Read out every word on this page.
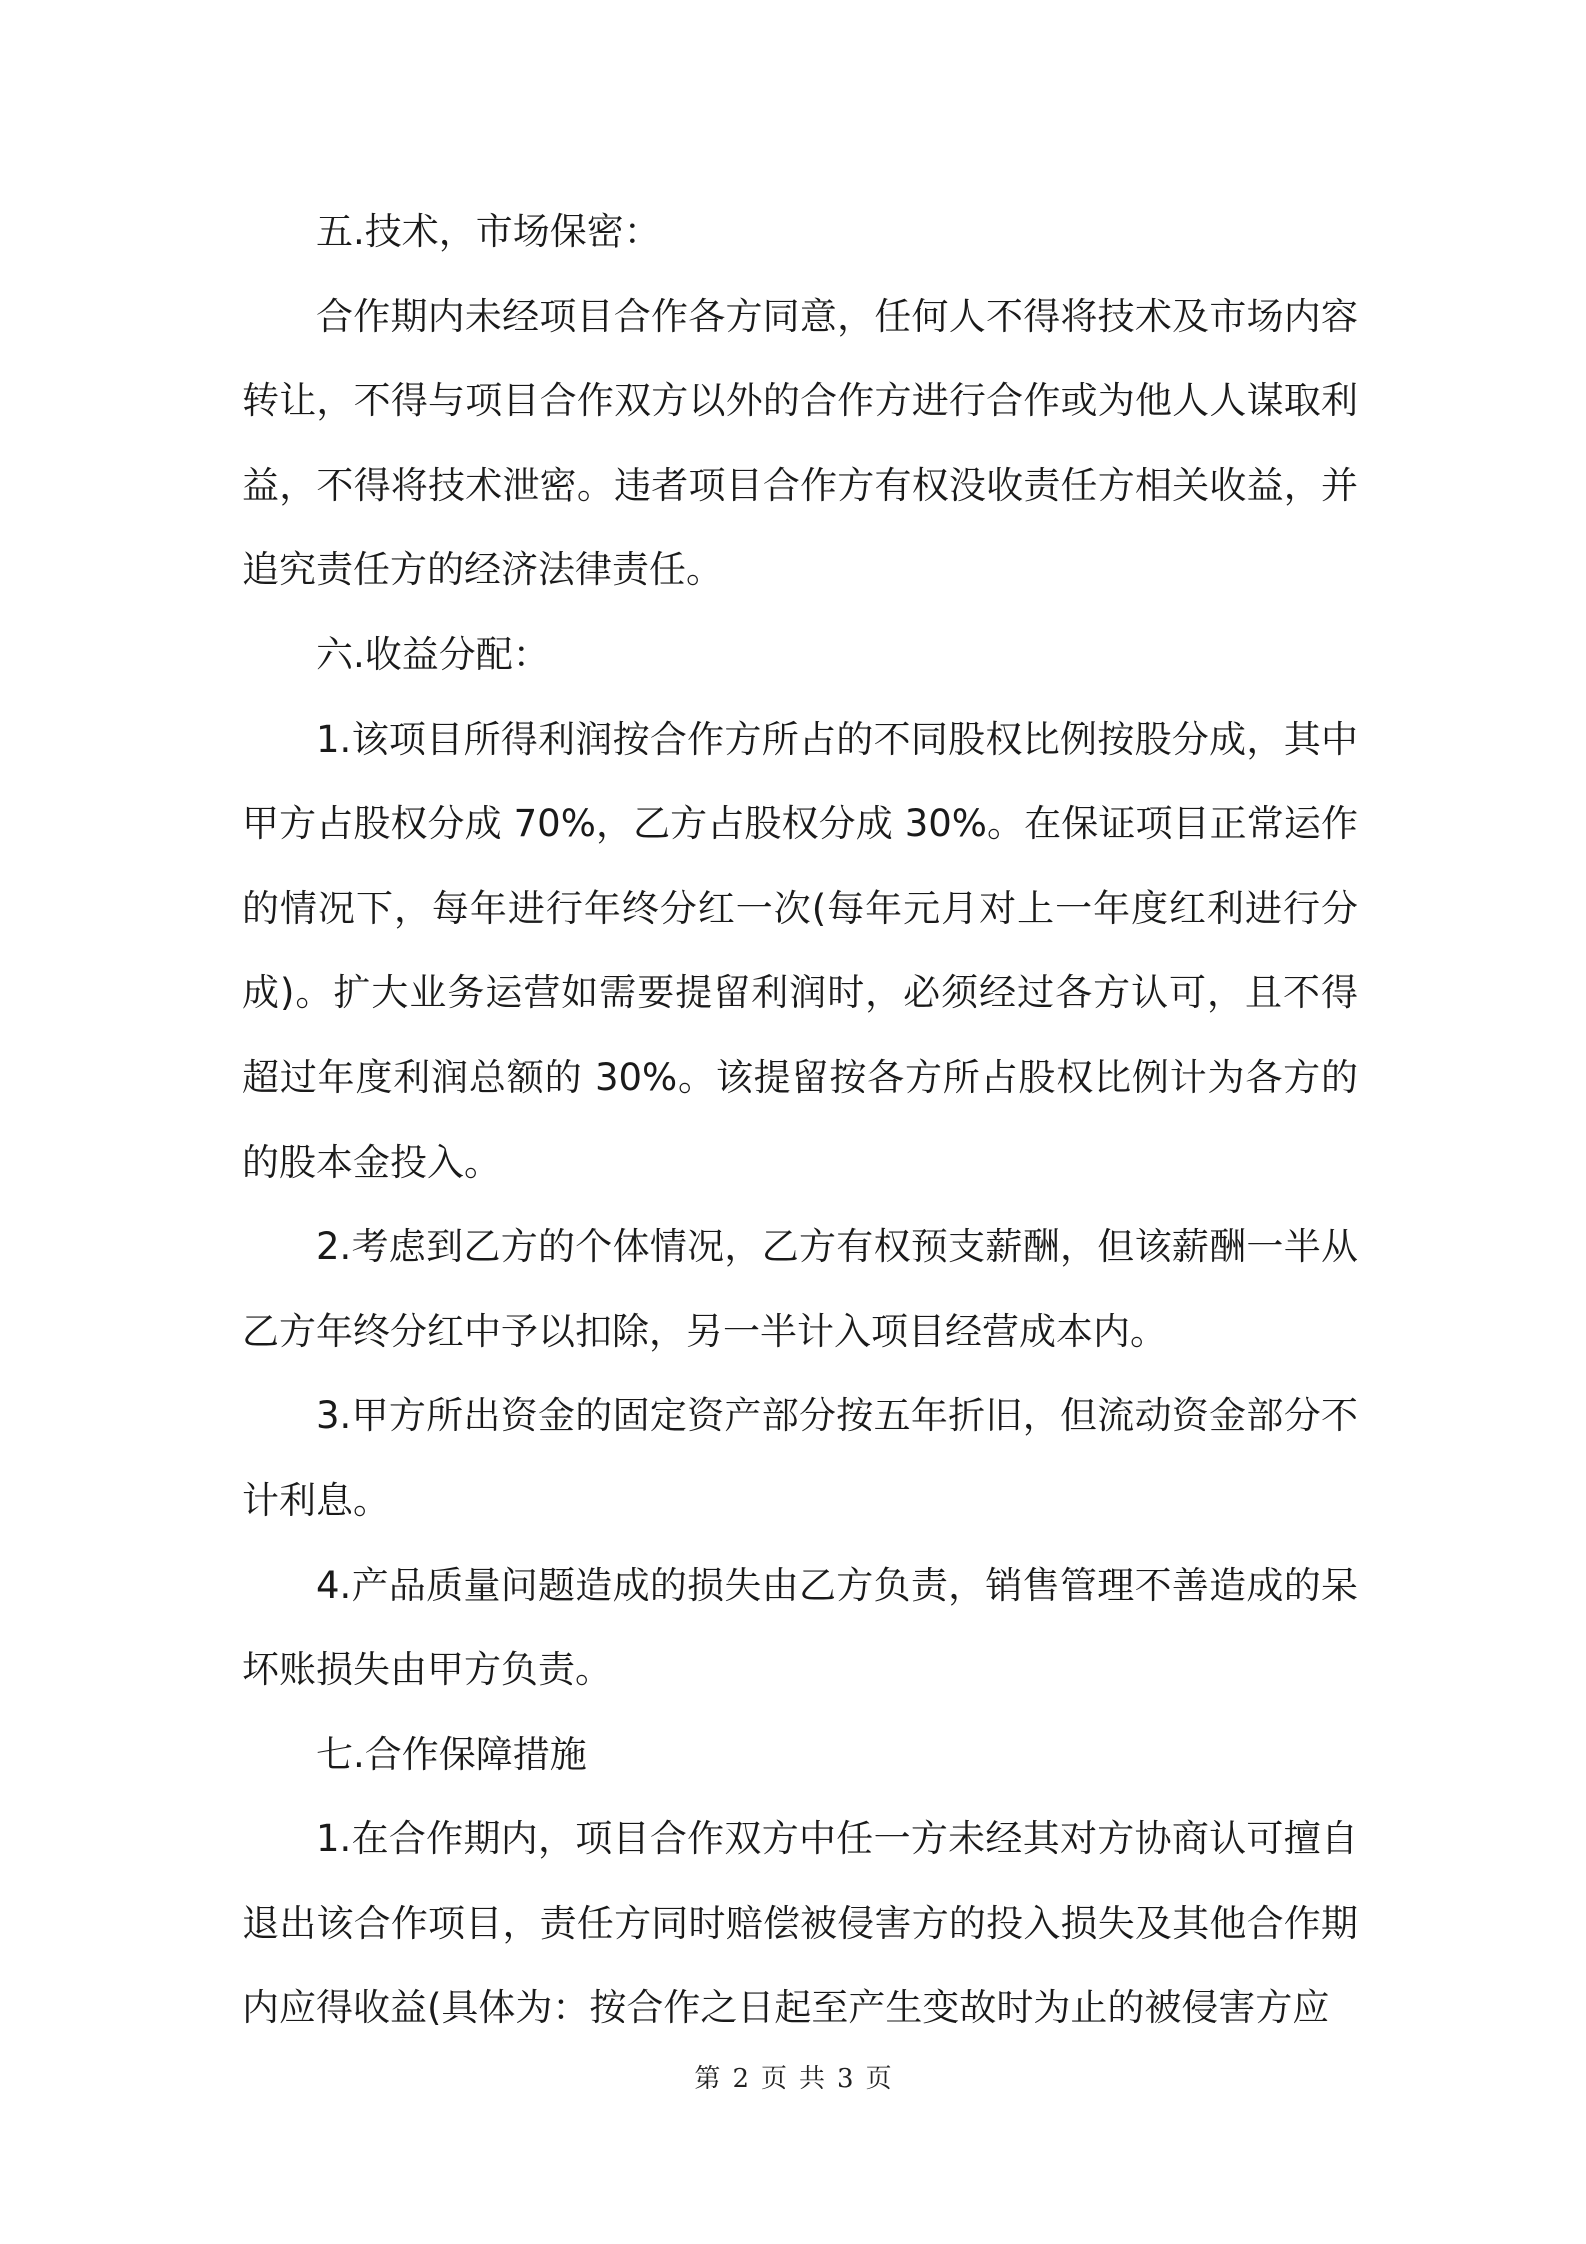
五.技术，市场保密：

合作期内未经项目合作各方同意，任何人不得将技术及市场内容转让，不得与项目合作双方以外的合作方进行合作或为他人人谋取利益，不得将技术泄密。违者项目合作方有权没收责任方相关收益，并追究责任方的经济法律责任。

六.收益分配：

1.该项目所得利润按合作方所占的不同股权比例按股分成，其中甲方占股权分成 70%，乙方占股权分成 30%。在保证项目正常运作的情况下，每年进行年终分红一次(每年元月对上一年度红利进行分成)。扩大业务运营如需要提留利润时，必须经过各方认可，且不得超过年度利润总额的 30%。该提留按各方所占股权比例计为各方的的股本金投入。

2.考虑到乙方的个体情况，乙方有权预支薪酬，但该薪酬一半从乙方年终分红中予以扣除，另一半计入项目经营成本内。

3.甲方所出资金的固定资产部分按五年折旧，但流动资金部分不计利息。

4.产品质量问题造成的损失由乙方负责，销售管理不善造成的呆坏账损失由甲方负责。

七.合作保障措施

1.在合作期内，项目合作双方中任一方未经其对方协商认可擅自退出该合作项目，责任方同时赔偿被侵害方的投入损失及其他合作期内应得收益(具体为：按合作之日起至产生变故时为止的被侵害方应

第 2 页 共 3 页
